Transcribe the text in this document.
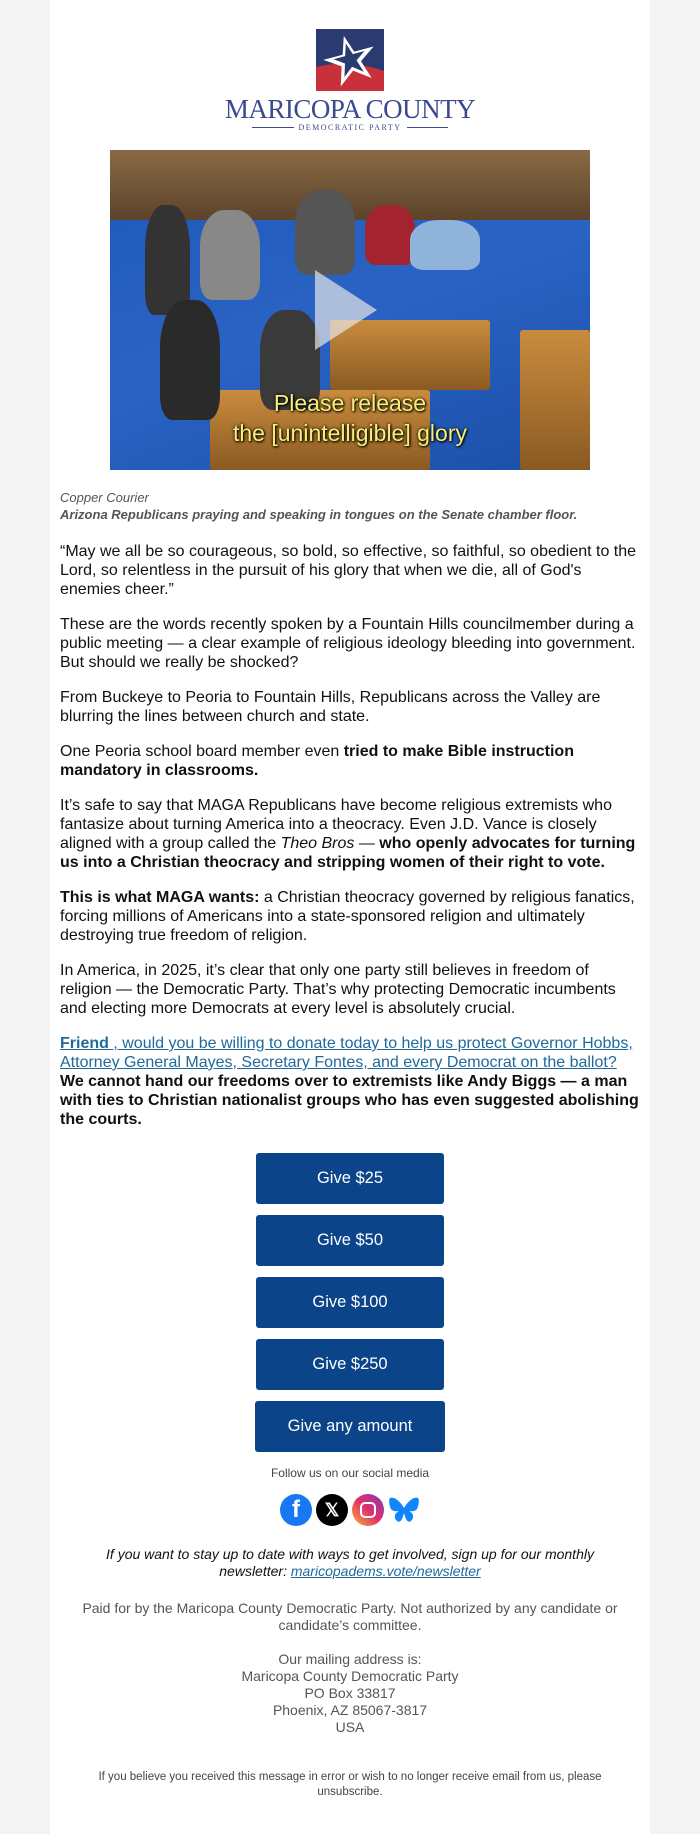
MARICOPA COUNTY
DEMOCRATIC PARTY
Please release
the [unintelligible] glory
Copper Courier
Arizona Republicans praying and speaking in tongues on the Senate chamber floor.

“May we all be so courageous, so bold, so effective, so faithful, so obedient to the Lord, so relentless in the pursuit of his glory that when we die, all of God's enemies cheer.”

These are the words recently spoken by a Fountain Hills councilmember during a public meeting — a clear example of religious ideology bleeding into government. But should we really be shocked?

From Buckeye to Peoria to Fountain Hills, Republicans across the Valley are blurring the lines between church and state.

One Peoria school board member even tried to make Bible instruction mandatory in classrooms.

It’s safe to say that MAGA Republicans have become religious extremists who fantasize about turning America into a theocracy. Even J.D. Vance is closely aligned with a group called the Theo Bros — who openly advocates for turning us into a Christian theocracy and stripping women of their right to vote.

This is what MAGA wants: a Christian theocracy governed by religious fanatics, forcing millions of Americans into a state-sponsored religion and ultimately destroying true freedom of religion.

In America, in 2025, it’s clear that only one party still believes in freedom of religion — the Democratic Party. That’s why protecting Democratic incumbents and electing more Democrats at every level is absolutely crucial.

Friend , would you be willing to donate today to help us protect Governor Hobbs, Attorney General Mayes, Secretary Fontes, and every Democrat on the ballot?
We cannot hand our freedoms over to extremists like Andy Biggs — a man with ties to Christian nationalist groups who has even suggested abolishing the courts.

Give $25
Give $50
Give $100
Give $250
Give any amount
Follow us on our social media
f	𝕏
If you want to stay up to date with ways to get involved, sign up for our monthly newsletter: maricopadems.vote/newsletter
Paid for by the Maricopa County Democratic Party. Not authorized by any candidate or candidate’s committee.
Our mailing address is:
Maricopa County Democratic Party
PO Box 33817
Phoenix, AZ 85067-3817
USA
If you believe you received this message in error or wish to no longer receive email from us, please unsubscribe.
